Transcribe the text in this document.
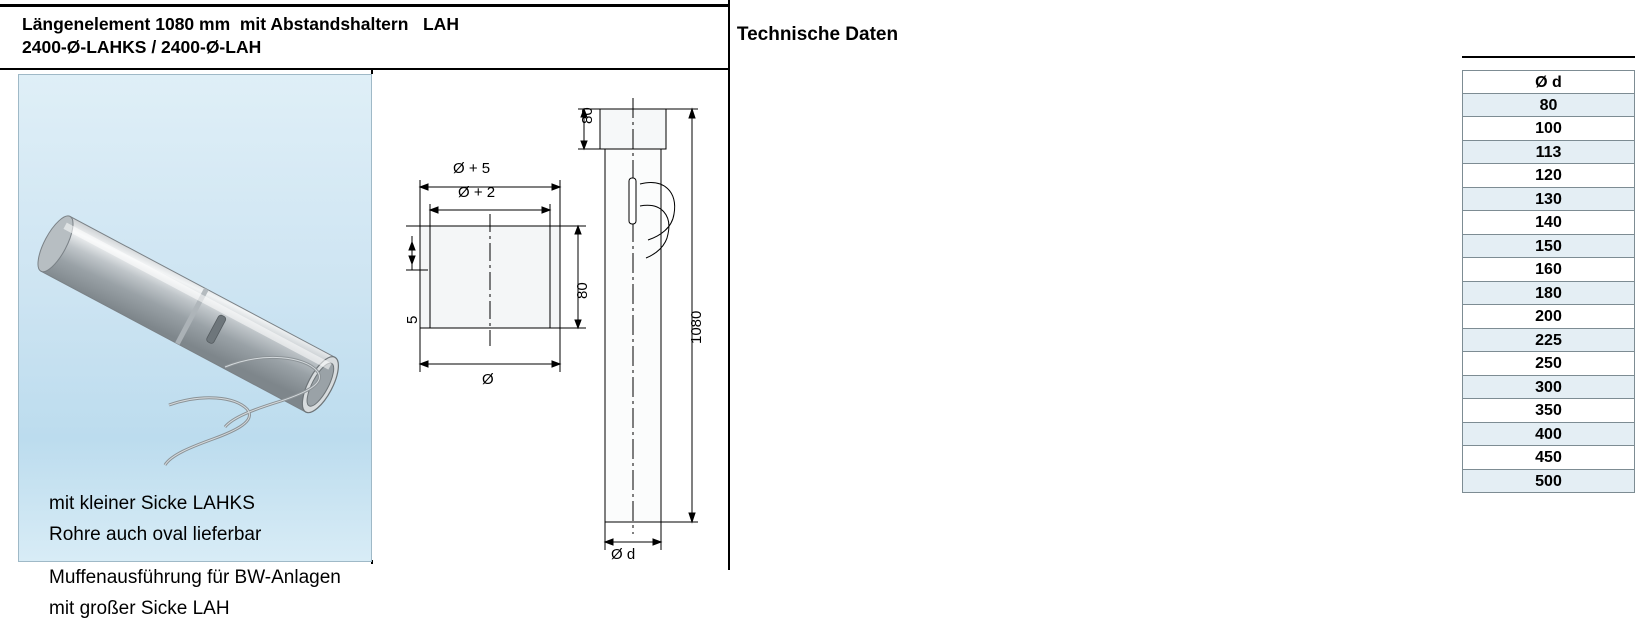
Längenelement 1080 mm  mit Abstandshaltern   LAH
2400-Ø-LAHKS / 2400-Ø-LAH
mit kleiner Sicke LAHKS
Rohre auch oval lieferbar
Muffenausführung für BW-Anlagen
mit großer Sicke LAH
Ø + 5
Ø + 2
5
80
Ø
80
1080
Ø d
Technische Daten
Ø d
80
100
113
120
130
140
150
160
180
200
225
250
300
350
400
450
500
